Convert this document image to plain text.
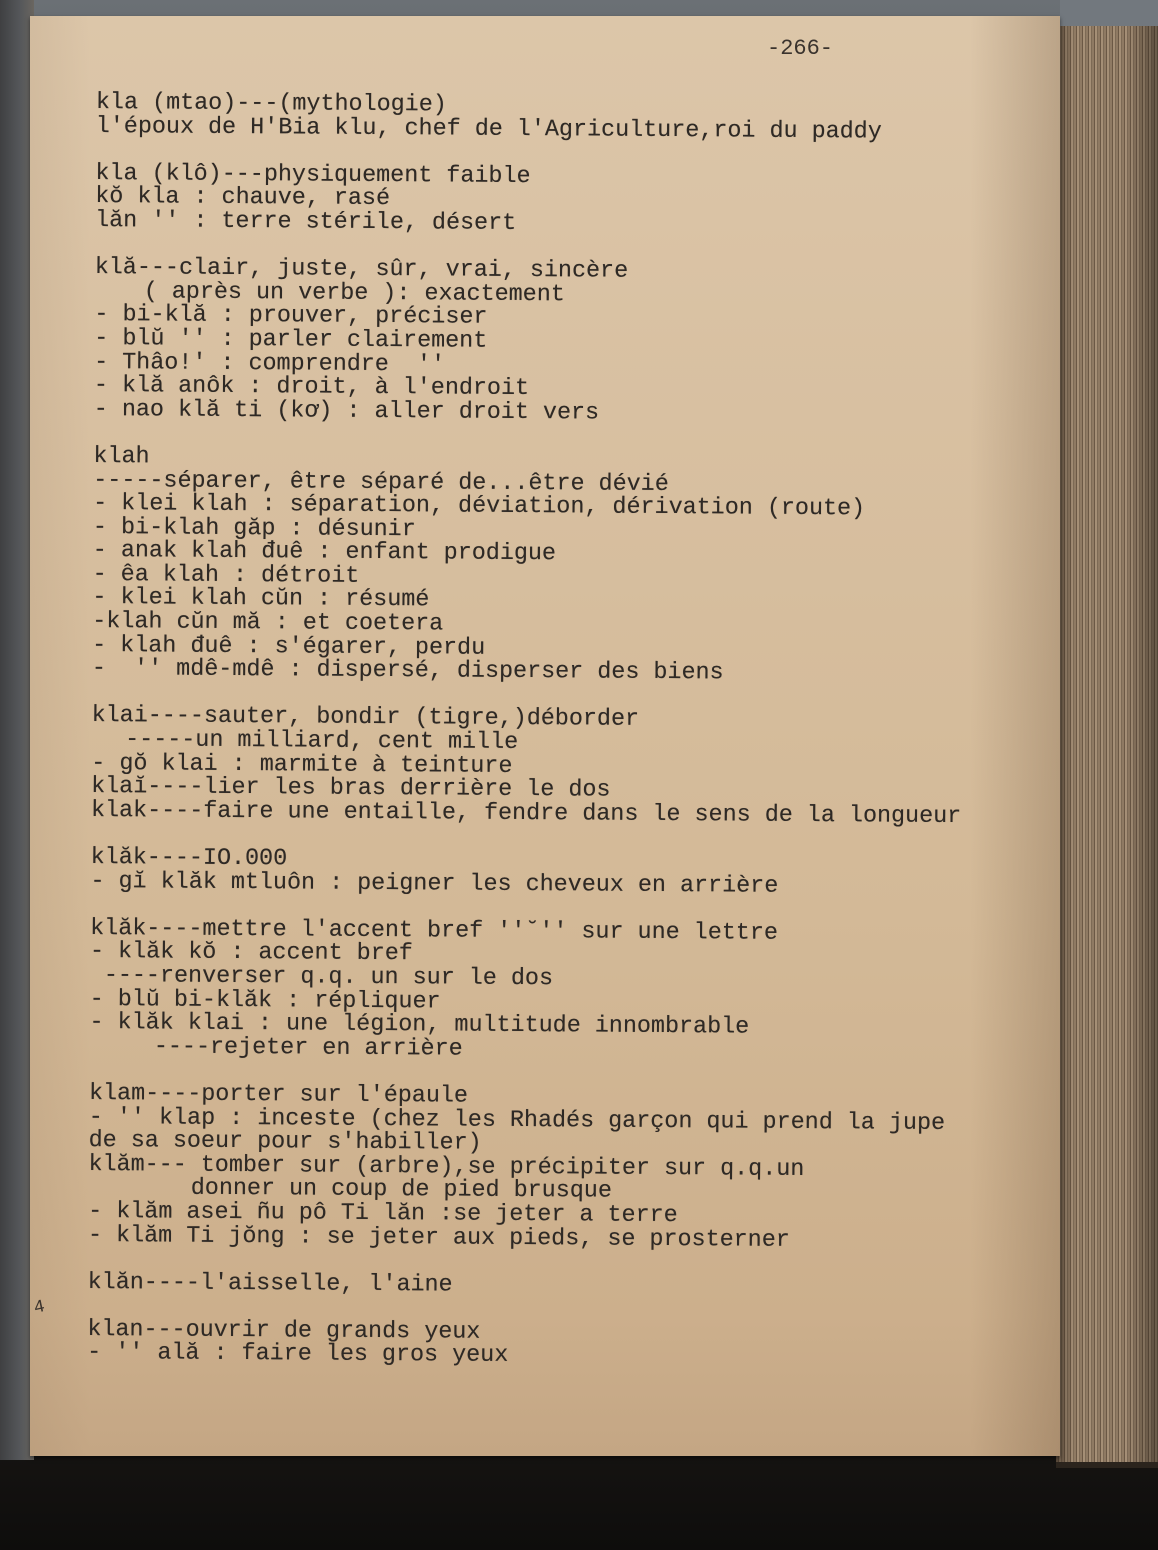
-266-
4
kla (mtao)---(mythologie)
l'époux de H'Bia klu, chef de l'Agriculture,roi du paddy
kla (klô)---physiquement faible
kŏ kla : chauve, rasé
lăn '' : terre stérile, désert
klă---clair, juste, sûr, vrai, sincère
( après un verbe ): exactement
- bi-klă : prouver, préciser
- blŭ '' : parler clairement
- Thâo!' : comprendre  ''
- klă anôk : droit, à l'endroit
- nao klă ti (kơ) : aller droit vers
klah
-----séparer, être séparé de...être dévié
- klei klah : séparation, déviation, dérivation (route)
- bi-klah găp : désunir
- anak klah đuê : enfant prodigue
- êa klah : détroit
- klei klah cŭn : résumé
-klah cŭn mă : et coetera
- klah đuê : s'égarer, perdu
-  '' mdê-mdê : dispersé, disperser des biens
klai----sauter, bondir (tigre,)déborder
-----un milliard, cent mille
- gŏ klai : marmite à teinture
klaĭ----lier les bras derrière le dos
klak----faire une entaille, fendre dans le sens de la longueur
klăk----IO.000
- gĭ klăk mtluôn : peigner les cheveux en arrière
klăk----mettre l'accent bref ''˘'' sur une lettre
- klăk kŏ : accent bref
----renverser q.q. un sur le dos
- blŭ bi-klăk : répliquer
- klăk klai : une légion, multitude innombrable
----rejeter en arrière
klam----porter sur l'épaule
- '' klap : inceste (chez les Rhadés garçon qui prend la jupe
de sa soeur pour s'habiller)
klăm--- tomber sur (arbre),se précipiter sur q.q.un
donner un coup de pied brusque
- klăm asei ñu pô Ti lăn :se jeter a terre
- klăm Ti jŏng : se jeter aux pieds, se prosterner
klăn----l'aisselle, l'aine
klan---ouvrir de grands yeux
- '' ală : faire les gros yeux
